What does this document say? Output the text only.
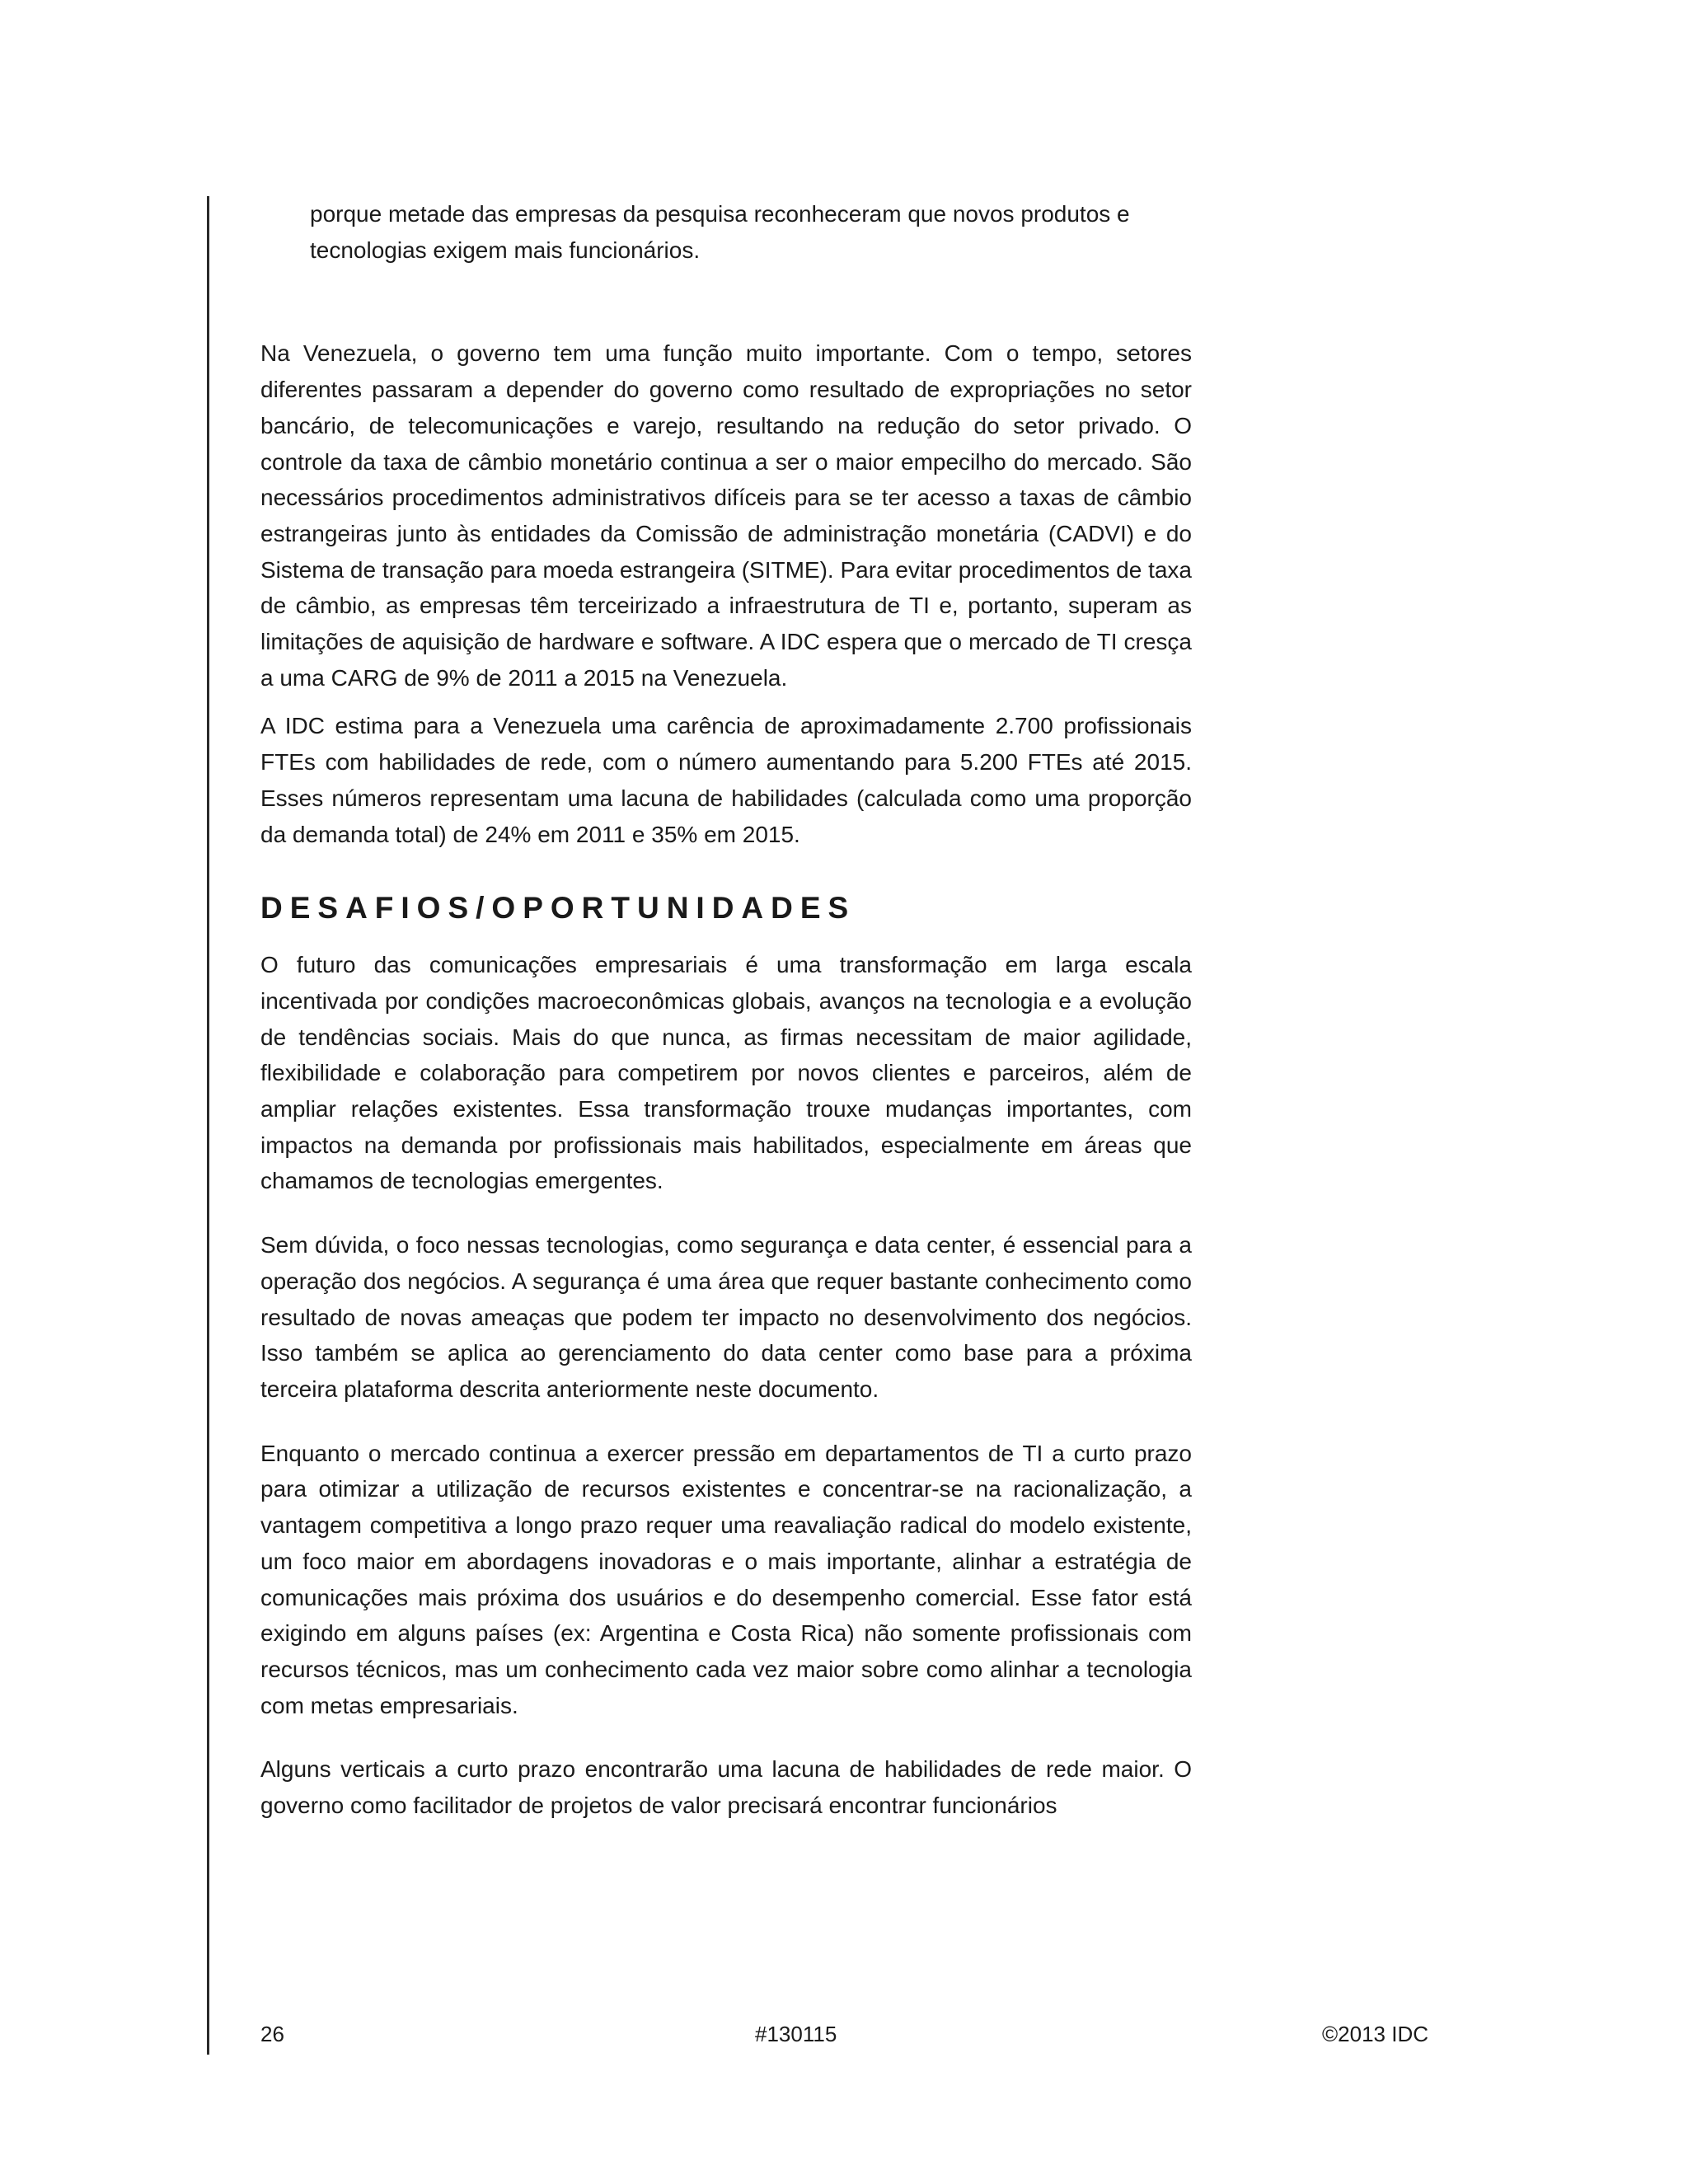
porque metade das empresas da pesquisa reconheceram que novos produtos e tecnologias exigem mais funcionários.

Na Venezuela, o governo tem uma função muito importante. Com o tempo, setores diferentes passaram a depender do governo como resultado de expropriações no setor bancário, de telecomunicações e varejo, resultando na redução do setor privado. O controle da taxa de câmbio monetário continua a ser o maior empecilho do mercado. São necessários procedimentos administrativos difíceis para se ter acesso a taxas de câmbio estrangeiras junto às entidades da Comissão de administração monetária (CADVI) e do Sistema de transação para moeda estrangeira (SITME). Para evitar procedimentos de taxa de câmbio, as empresas têm terceirizado a infraestrutura de TI e, portanto, superam as limitações de aquisição de hardware e software. A IDC espera que o mercado de TI cresça a uma CARG de 9% de 2011 a 2015 na Venezuela.

A IDC estima para a Venezuela uma carência de aproximadamente 2.700 profissionais FTEs com habilidades de rede, com o número aumentando para 5.200 FTEs até 2015. Esses números representam uma lacuna de habilidades (calculada como uma proporção da demanda total) de 24% em 2011 e 35% em 2015.

DESAFIOS/OPORTUNIDADES

O futuro das comunicações empresariais é uma transformação em larga escala incentivada por condições macroeconômicas globais, avanços na tecnologia e a evolução de tendências sociais. Mais do que nunca, as firmas necessitam de maior agilidade, flexibilidade e colaboração para competirem por novos clientes e parceiros, além de ampliar relações existentes. Essa transformação trouxe mudanças importantes, com impactos na demanda por profissionais mais habilitados, especialmente em áreas que chamamos de tecnologias emergentes.

Sem dúvida, o foco nessas tecnologias, como segurança e data center, é essencial para a operação dos negócios. A segurança é uma área que requer bastante conhecimento como resultado de novas ameaças que podem ter impacto no desenvolvimento dos negócios. Isso também se aplica ao gerenciamento do data center como base para a próxima terceira plataforma descrita anteriormente neste documento.

Enquanto o mercado continua a exercer pressão em departamentos de TI a curto prazo para otimizar a utilização de recursos existentes e concentrar-se na racionalização, a vantagem competitiva a longo prazo requer uma reavaliação radical do modelo existente, um foco maior em abordagens inovadoras e o mais importante, alinhar a estratégia de comunicações mais próxima dos usuários e do desempenho comercial. Esse fator está exigindo em alguns países (ex: Argentina e Costa Rica) não somente profissionais com recursos técnicos, mas um conhecimento cada vez maior sobre como alinhar a tecnologia com metas empresariais.

Alguns verticais a curto prazo encontrarão uma lacuna de habilidades de rede maior. O governo como facilitador de projetos de valor precisará encontrar funcionários

26	#130115	©2013 IDC
